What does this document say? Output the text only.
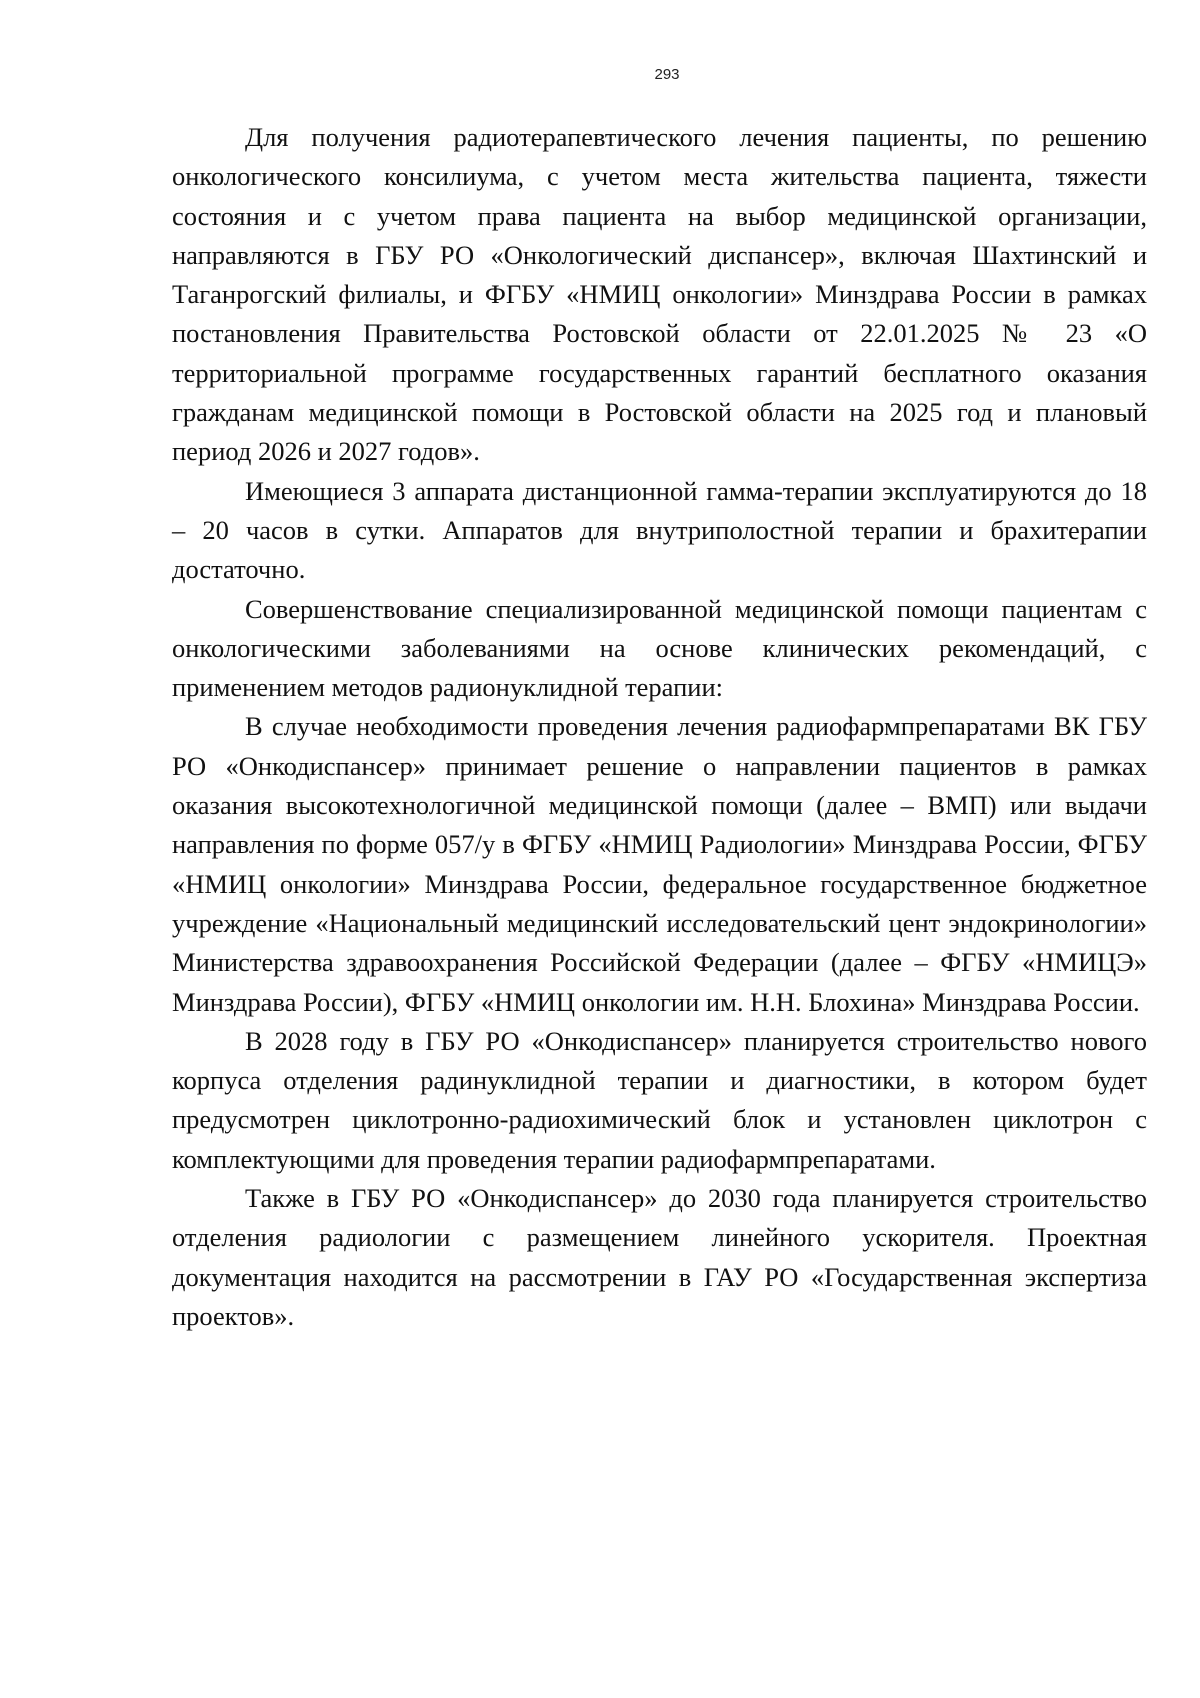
293

Для получения радиотерапевтического лечения пациенты, по решению онкологического консилиума, с учетом места жительства пациента, тяжести состояния и с учетом права пациента на выбор медицинской организации, направляются в ГБУ РО «Онкологический диспансер», включая Шахтинский и Таганрогский филиалы, и ФГБУ «НМИЦ онкологии» Минздрава России в рамках постановления Правительства Ростовской области от 22.01.2025 № 23 «О территориальной программе государственных гарантий бесплатного оказания гражданам медицинской помощи в Ростовской области на 2025 год и плановый период 2026 и 2027 годов».

Имеющиеся 3 аппарата дистанционной гамма-терапии эксплуатируются до 18 – 20 часов в сутки. Аппаратов для внутриполостной терапии и брахитерапии достаточно.

Совершенствование специализированной медицинской помощи пациентам с онкологическими заболеваниями на основе клинических рекомендаций, с применением методов радионуклидной терапии:

В случае необходимости проведения лечения радиофармпрепаратами ВК ГБУ РО «Онкодиспансер» принимает решение о направлении пациентов в рамках оказания высокотехнологичной медицинской помощи (далее – ВМП) или выдачи направления по форме 057/у в ФГБУ «НМИЦ Радиологии» Минздрава России, ФГБУ «НМИЦ онкологии» Минздрава России, федеральное государственное бюджетное учреждение «Национальный медицинский исследовательский цент эндокринологии» Министерства здравоохранения Российской Федерации (далее – ФГБУ «НМИЦЭ» Минздрава России), ФГБУ «НМИЦ онкологии им. Н.Н. Блохина» Минздрава России.

В 2028 году в ГБУ РО «Онкодиспансер» планируется строительство нового корпуса отделения радинуклидной терапии и диагностики, в котором будет предусмотрен циклотронно-радиохимический блок и установлен циклотрон с комплектующими для проведения терапии радиофармпрепаратами.

Также в ГБУ РО «Онкодиспансер» до 2030 года планируется строительство отделения радиологии с размещением линейного ускорителя. Проектная документация находится на рассмотрении в ГАУ РО «Государственная экспертиза проектов».
